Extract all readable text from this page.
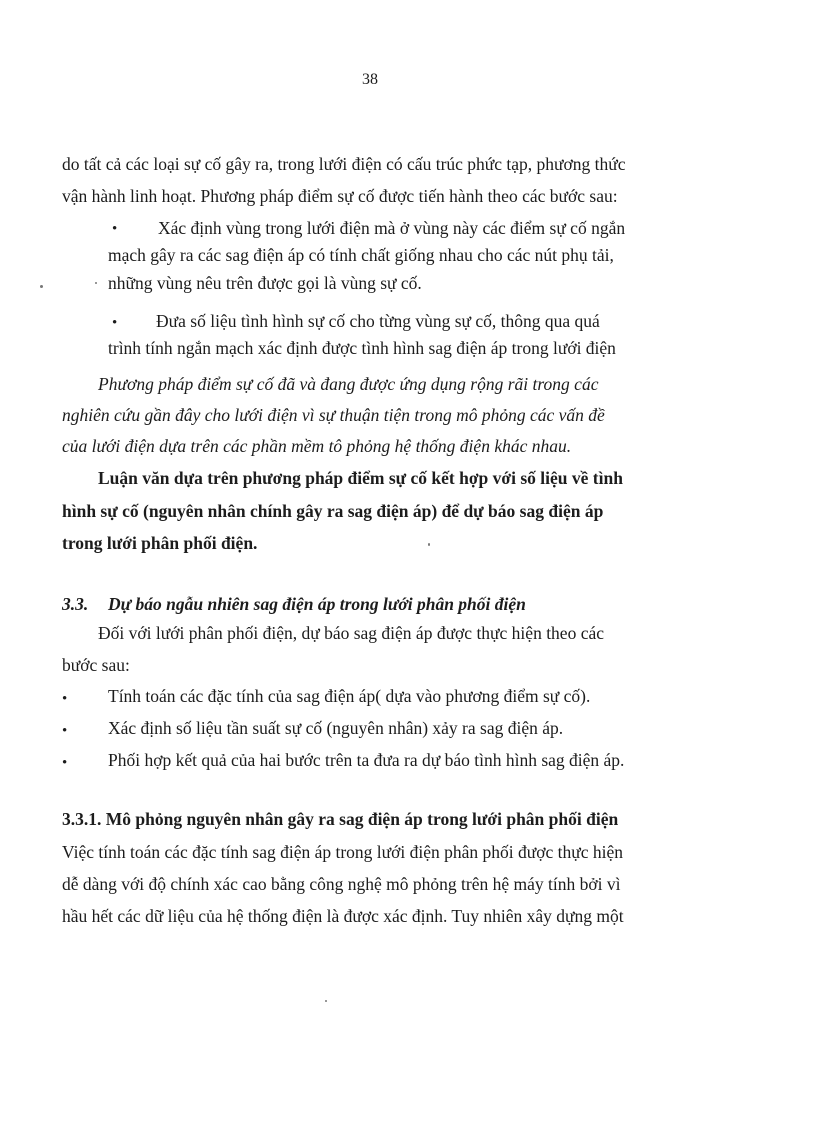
38
do tất cả các loại sự cố gây ra, trong lưới điện có cấu trúc phức tạp, phương thức
vận hành linh hoạt. Phương pháp điểm sự cố được tiến hành theo các bước sau:
• Xác định vùng trong lưới điện mà ở vùng này các điểm sự cố ngắn
mạch gây ra các sag điện áp có tính chất giống nhau cho các nút phụ tải,
những vùng nêu trên được gọi là vùng sự cố.
• Đưa số liệu tình hình sự cố cho từng vùng sự cố, thông qua quá
trình tính ngắn mạch xác định được tình hình sag điện áp trong lưới điện
Phương pháp điểm sự cố đã và đang được ứng dụng rộng rãi trong các
nghiên cứu gần đây cho lưới điện vì sự thuận tiện trong mô phỏng các vấn đề
của lưới điện dựa trên các phần mềm tô phỏng hệ thống điện khác nhau.
Luận văn dựa trên phương pháp điểm sự cố kết hợp với số liệu về tình
hình sự cố (nguyên nhân chính gây ra sag điện áp) để dự báo sag điện áp
trong lưới phân phối điện.
3.3. Dự báo ngẫu nhiên sag điện áp trong lưới phân phối điện
Đối với lưới phân phối điện, dự báo sag điện áp được thực hiện theo các
bước sau:
• Tính toán các đặc tính của sag điện áp( dựa vào phương điểm sự cố).
• Xác định số liệu tần suất sự cố (nguyên nhân) xảy ra sag điện áp.
• Phối hợp kết quả của hai bước trên ta đưa ra dự báo tình hình sag điện áp.
3.3.1. Mô phỏng nguyên nhân gây ra sag điện áp trong lưới phân phối điện
Việc tính toán các đặc tính sag điện áp trong lưới điện phân phối được thực hiện
dễ dàng với độ chính xác cao bằng công nghệ mô phỏng trên hệ máy tính bởi vì
hầu hết các dữ liệu của hệ thống điện là được xác định. Tuy nhiên xây dựng một
